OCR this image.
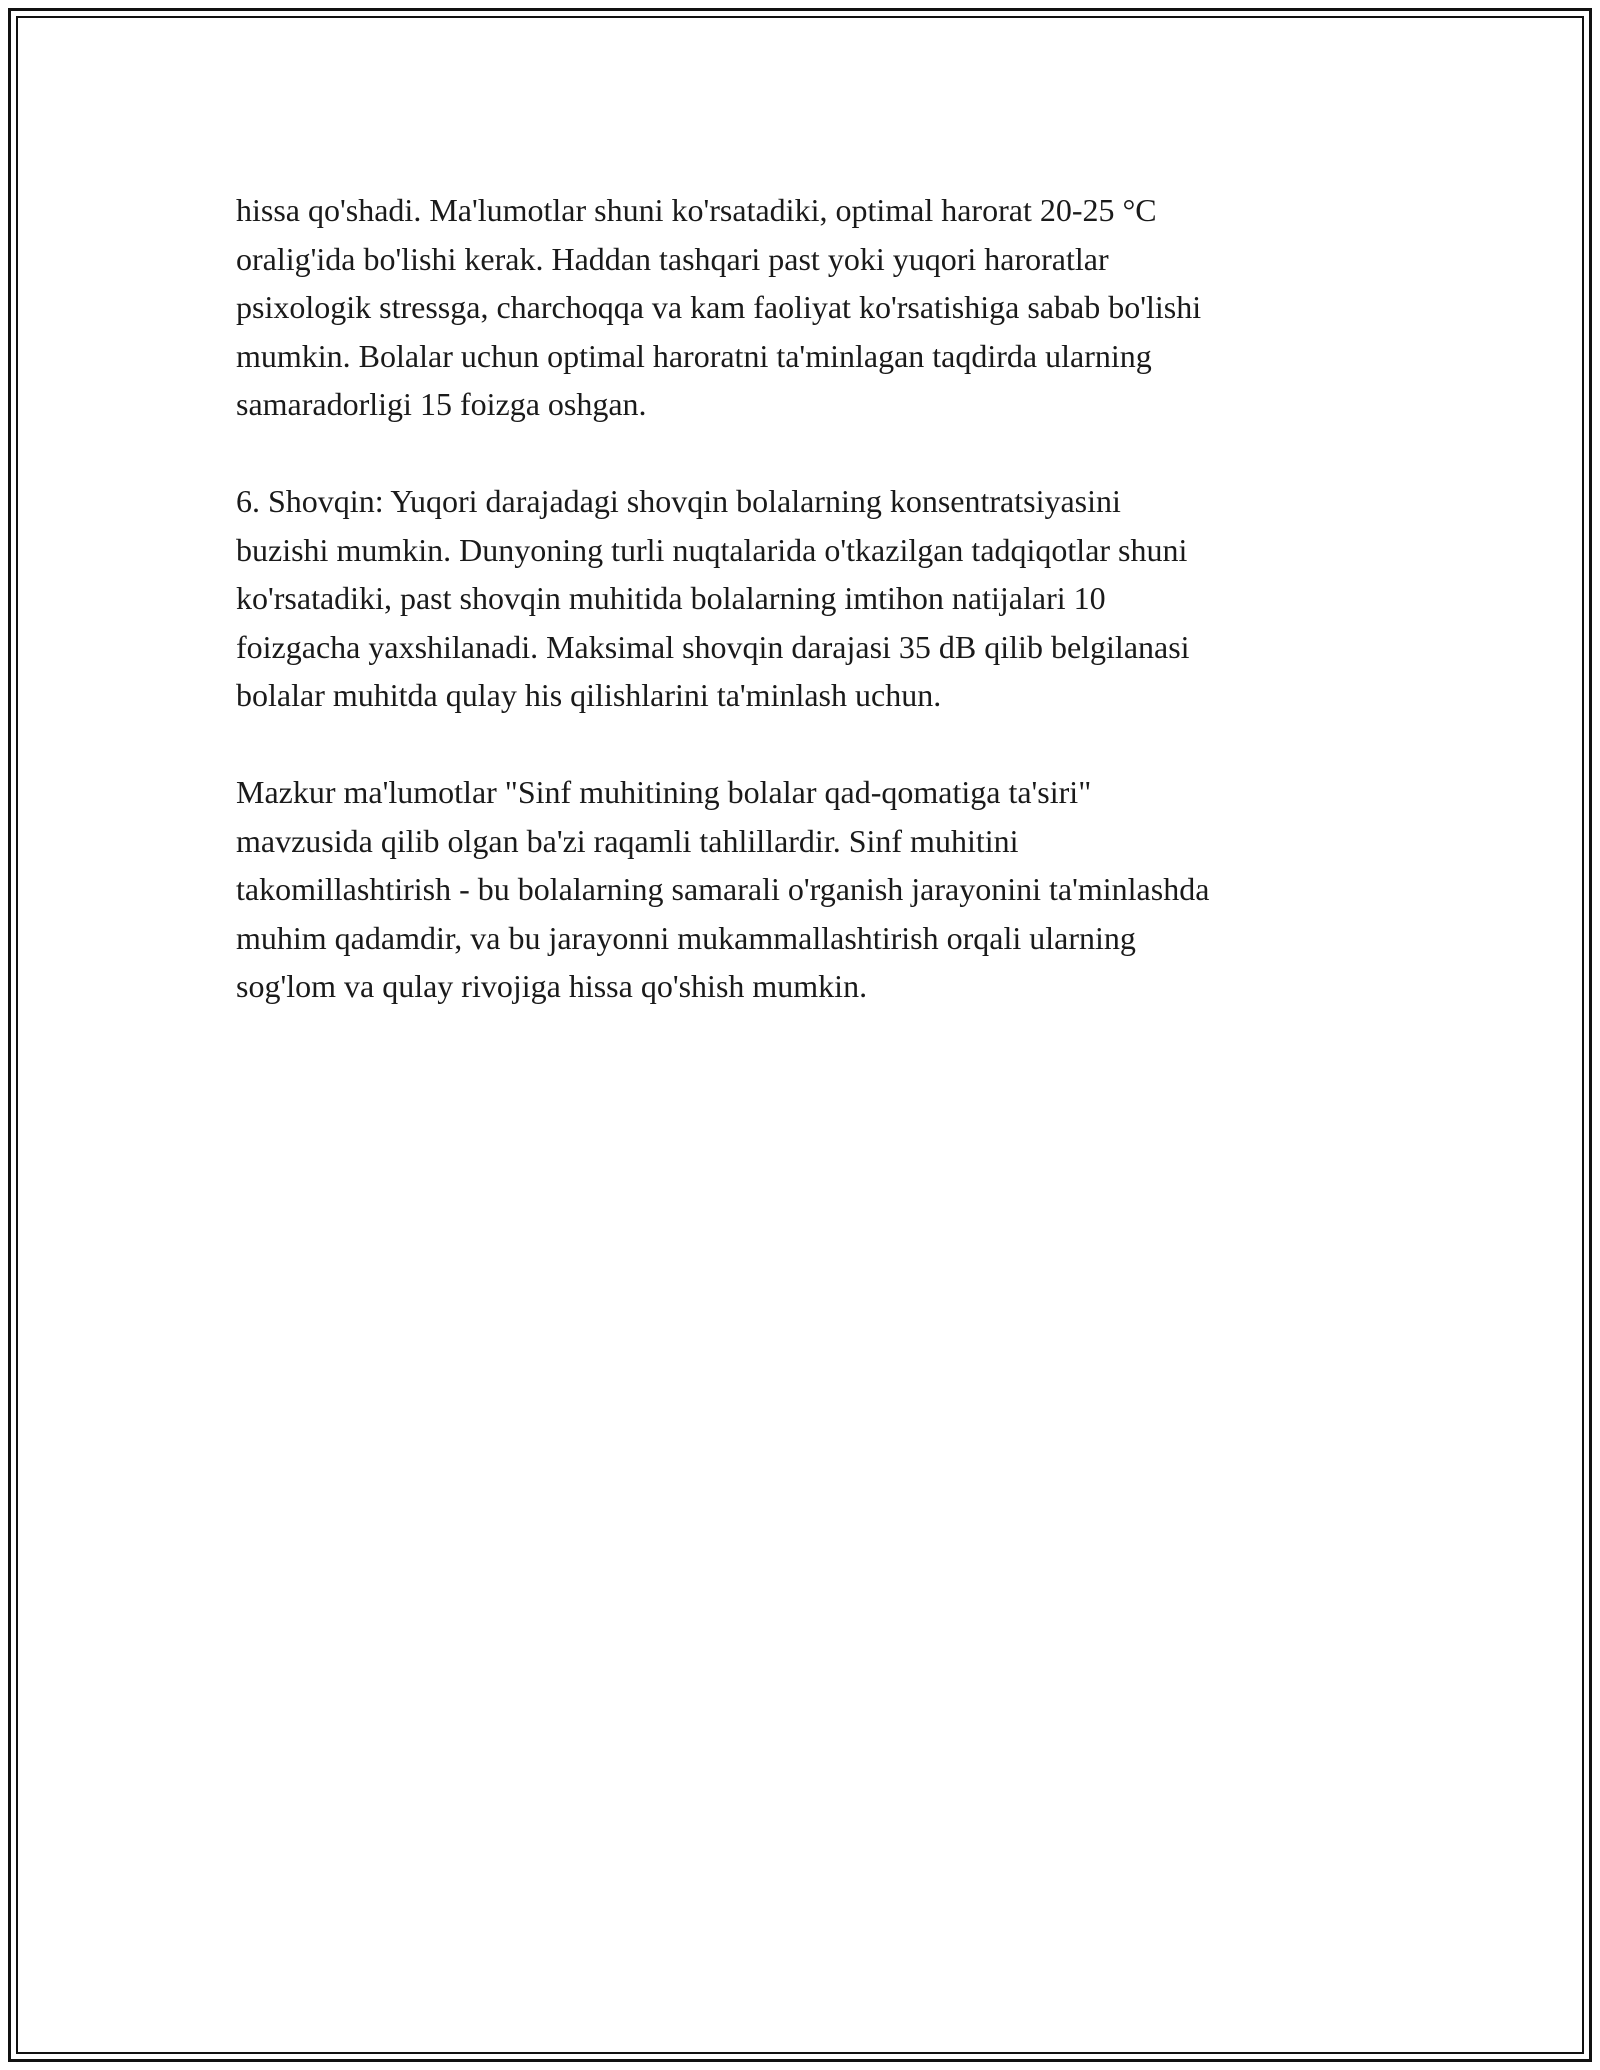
hissa qo'shadi. Ma'lumotlar shuni ko'rsatadiki, optimal harorat 20-25 °C
oralig'ida bo'lishi kerak. Haddan tashqari past yoki yuqori haroratlar
psixologik stressga, charchoqqa va kam faoliyat ko'rsatishiga sabab bo'lishi
mumkin. Bolalar uchun optimal haroratni ta'minlagan taqdirda ularning
samaradorligi 15 foizga oshgan.

6. Shovqin: Yuqori darajadagi shovqin bolalarning konsentratsiyasini
buzishi mumkin. Dunyoning turli nuqtalarida o'tkazilgan tadqiqotlar shuni
ko'rsatadiki, past shovqin muhitida bolalarning imtihon natijalari 10
foizgacha yaxshilanadi. Maksimal shovqin darajasi 35 dB qilib belgilanasi
bolalar muhitda qulay his qilishlarini ta'minlash uchun.

Mazkur ma'lumotlar "Sinf muhitining bolalar qad-qomatiga ta'siri"
mavzusida qilib olgan ba'zi raqamli tahlillardir. Sinf muhitini
takomillashtirish - bu bolalarning samarali o'rganish jarayonini ta'minlashda
muhim qadamdir, va bu jarayonni mukammallashtirish orqali ularning
sog'lom va qulay rivojiga hissa qo'shish mumkin.
